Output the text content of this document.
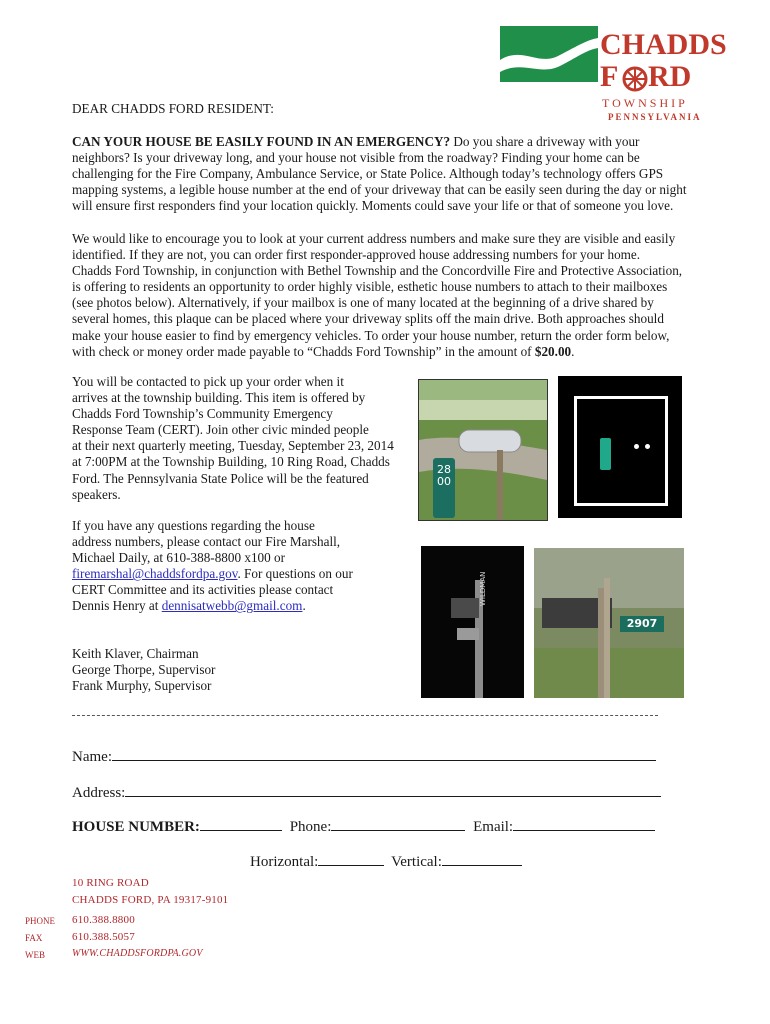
CHADDS
F RD
TOWNSHIP
PENNSYLVANIA
DEAR CHADDS FORD RESIDENT:
CAN YOUR HOUSE BE EASILY FOUND IN AN EMERGENCY? Do you share a driveway with your
neighbors? Is your driveway long, and your house not visible from the roadway? Finding your home can be
challenging for the Fire Company, Ambulance Service, or State Police. Although today’s technology offers GPS
mapping systems, a legible house number at the end of your driveway that can be easily seen during the day or night
will ensure first responders find your location quickly. Moments could save your life or that of someone you love.
We would like to encourage you to look at your current address numbers and make sure they are visible and easily
identified. If they are not, you can order first responder-approved house addressing numbers for your home.
Chadds Ford Township, in conjunction with Bethel Township and the Concordville Fire and Protective Association,
is offering to residents an opportunity to order highly visible, esthetic house numbers to attach to their mailboxes
(see photos below). Alternatively, if your mailbox is one of many located at the beginning of a drive shared by
several homes, this plaque can be placed where your driveway splits off the main drive. Both approaches should
make your house easier to find by emergency vehicles. To order your house number, return the order form below,
with check or money order made payable to “Chadds Ford Township” in the amount of $20.00.
You will be contacted to pick up your order when it
arrives at the township building. This item is offered by
Chadds Ford Township’s Community Emergency
Response Team (CERT). Join other civic minded people
at their next quarterly meeting, Tuesday, September 23, 2014
at 7:00PM at the Township Building, 10 Ring Road, Chadds
Ford. The Pennsylvania State Police will be the featured
speakers.
If you have any questions regarding the house
address numbers, please contact our Fire Marshall,
Michael Daily, at 610-388-8800 x100 or
firemarshal@chaddsfordpa.gov. For questions on our
CERT Committee and its activities please contact
Dennis Henry at dennisatwebb@gmail.com.
Keith Klaver, Chairman
George Thorpe, Supervisor
Frank Murphy, Supervisor
2800
WILDMAN
2907
Name:
Address:
HOUSE NUMBER:	Phone:	Email:
Horizontal:	Vertical:
10 RING ROAD
CHADDS FORD, PA 19317-9101
PHONE 610.388.8800
FAX	610.388.5057
WEB	WWW.CHADDSFORDPA.GOV
